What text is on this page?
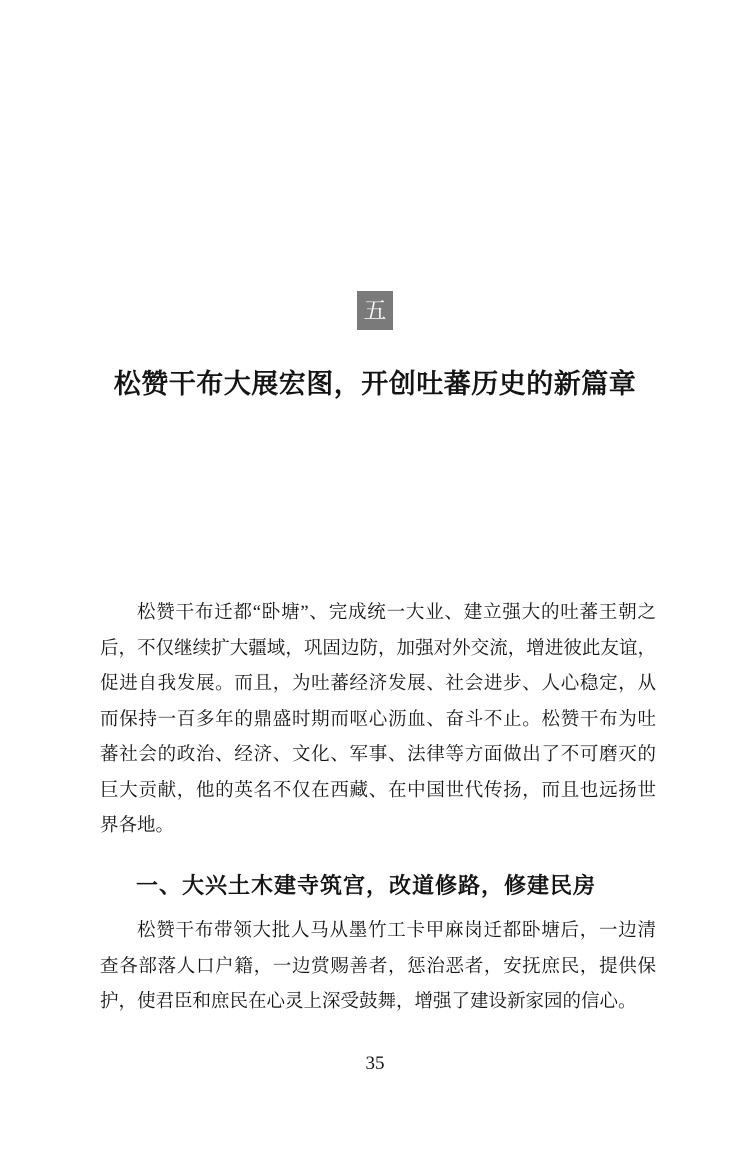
五
松赞干布大展宏图，开创吐蕃历史的新篇章
松赞干布迁都“卧塘”、完成统一大业、建立强大的吐蕃王朝之
后，不仅继续扩大疆域，巩固边防，加强对外交流，增进彼此友谊，
促进自我发展。而且，为吐蕃经济发展、社会进步、人心稳定，从
而保持一百多年的鼎盛时期而呕心沥血、奋斗不止。松赞干布为吐
蕃社会的政治、经济、文化、军事、法律等方面做出了不可磨灭的
巨大贡献，他的英名不仅在西藏、在中国世代传扬，而且也远扬世
界各地。
一、大兴土木建寺筑宫，改道修路，修建民房
松赞干布带领大批人马从墨竹工卡甲麻岗迁都卧塘后，一边清
查各部落人口户籍，一边赏赐善者，惩治恶者，安抚庶民，提供保
护，使君臣和庶民在心灵上深受鼓舞，增强了建设新家园的信心。
35
